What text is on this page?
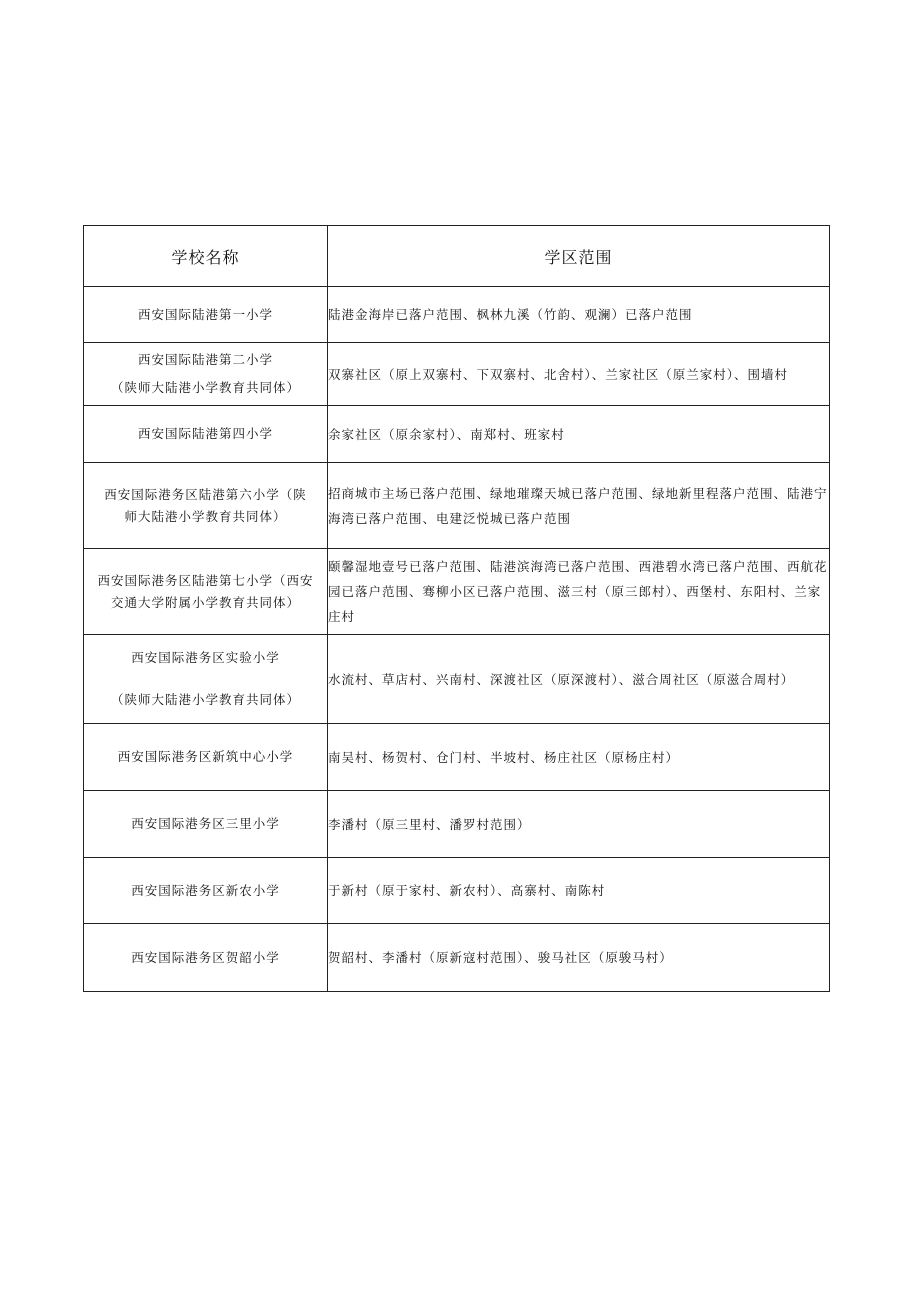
学校名称	学区范围

西安国际陆港第一小学	陆港金海岸已落户范围、枫林九溪（竹韵、观澜）已落户范围

西安国际陆港第二小学
（陕师大陆港小学教育共同体）	双寨社区（原上双寨村、下双寨村、北舍村）、兰家社区（原兰家村）、围墙村

西安国际陆港第四小学	余家社区（原余家村）、南郑村、班家村

西安国际港务区陆港第六小学（陕
师大陆港小学教育共同体）	招商城市主场已落户范围、绿地璀璨天城已落户范围、绿地新里程落户范围、陆港宁海湾已落户范围、电建泛悦城已落户范围

西安国际港务区陆港第七小学（西安
交通大学附属小学教育共同体）	颐馨湿地壹号已落户范围、陆港滨海湾已落户范围、西港碧水湾已落户范围、西航花园已落户范围、骞柳小区已落户范围、滋三村（原三郎村）、西堡村、东阳村、兰家庄村

西安国际港务区实验小学
（陕师大陆港小学教育共同体）	水流村、草店村、兴南村、深渡社区（原深渡村）、滋合周社区（原滋合周村）

西安国际港务区新筑中心小学	南吴村、杨贺村、仓门村、半坡村、杨庄社区（原杨庄村）

西安国际港务区三里小学	李潘村（原三里村、潘罗村范围）

西安国际港务区新农小学	于新村（原于家村、新农村）、高寨村、南陈村

西安国际港务区贺韶小学	贺韶村、李潘村（原新寇村范围）、骏马社区（原骏马村）
